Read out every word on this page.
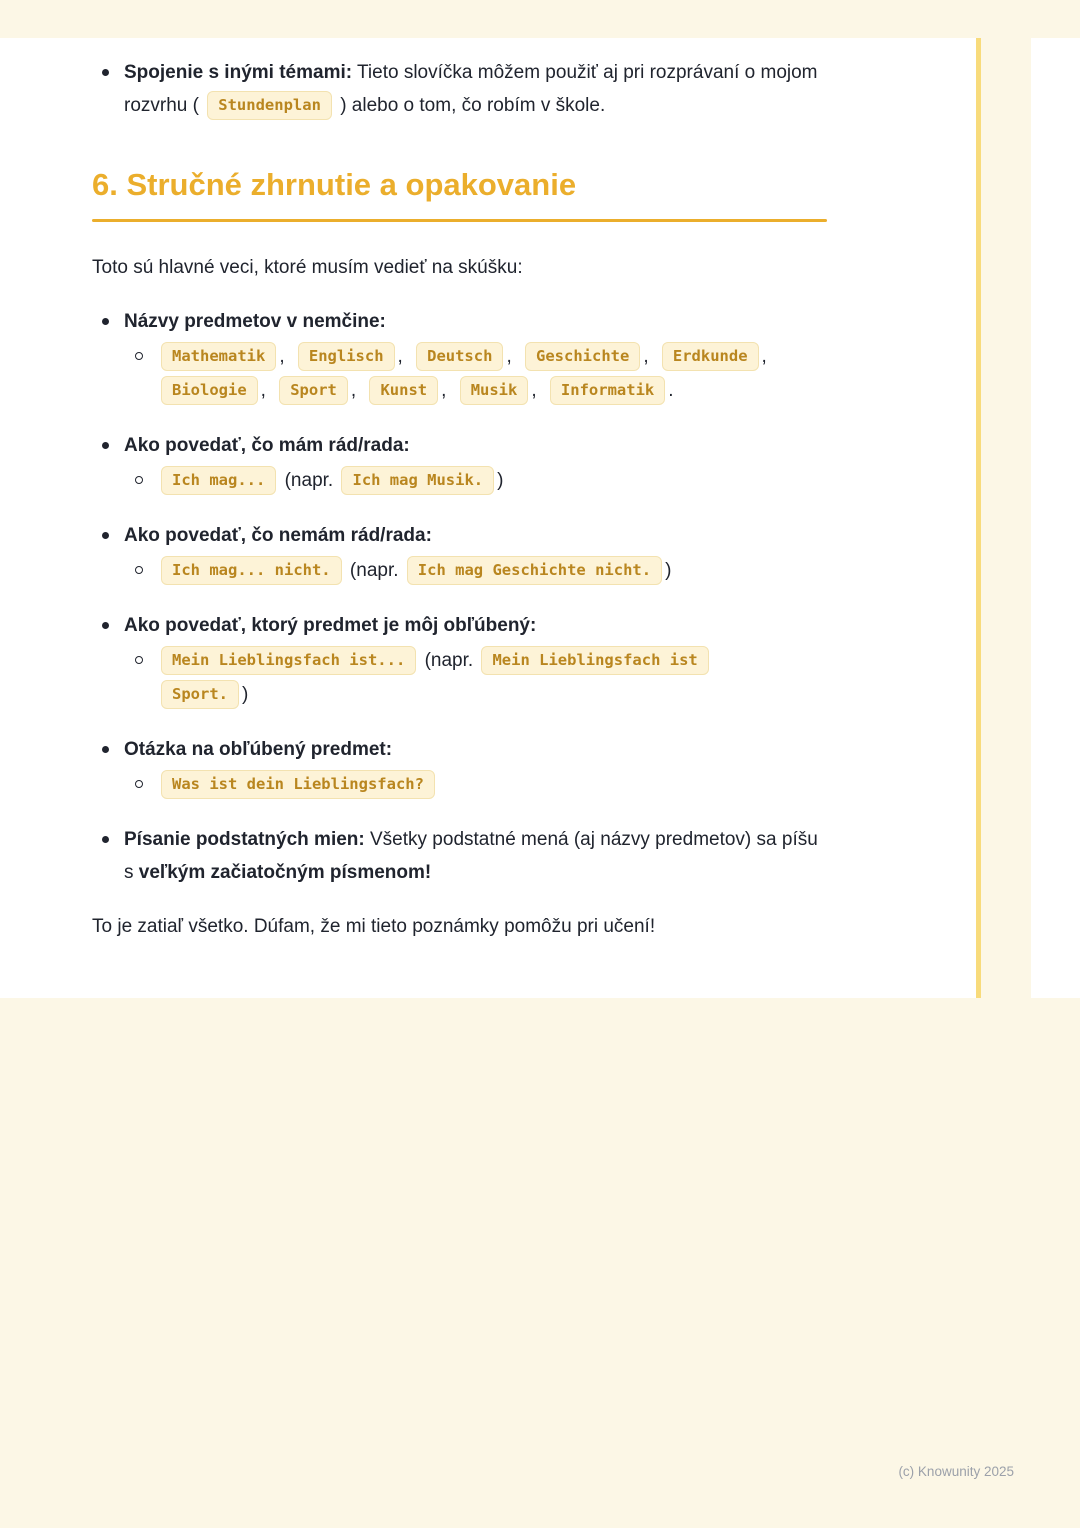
Spojenie s inými témami: Tieto slovíčka môžem použiť aj pri rozprávaní o mojom rozvrhu ( Stundenplan ) alebo o tom, čo robím v škole.
6. Stručné zhrnutie a opakovanie

Toto sú hlavné veci, ktoré musím vedieť na skúšku:

Názvy predmetov v nemčine:
Mathematik , Englisch , Deutsch , Geschichte , Erdkunde ,
Biologie , Sport , Kunst , Musik , Informatik .
Ako povedať, čo mám rád/rada:
Ich mag... (napr. Ich mag Musik. )
Ako povedať, čo nemám rád/rada:
Ich mag... nicht. (napr. Ich mag Geschichte nicht. )
Ako povedať, ktorý predmet je môj obľúbený:
Mein Lieblingsfach ist... (napr. Mein Lieblingsfach ist
Sport. )
Otázka na obľúbený predmet:
Was ist dein Lieblingsfach?
Písanie podstatných mien: Všetky podstatné mená (aj názvy predmetov) sa píšu s veľkým začiatočným písmenom!

To je zatiaľ všetko. Dúfam, že mi tieto poznámky pomôžu pri učení!

(c) Knowunity 2025
